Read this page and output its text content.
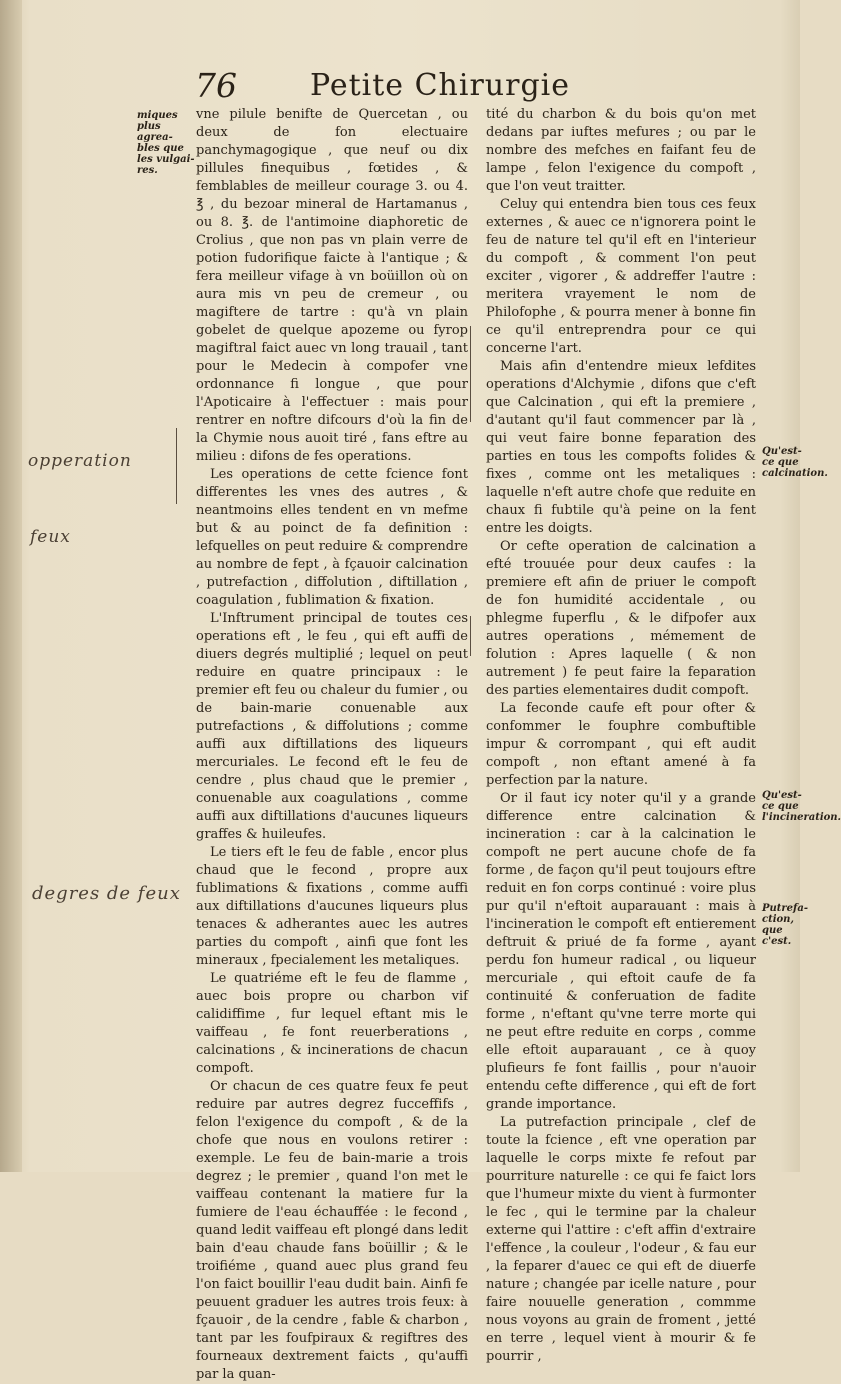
76 Petite Chirurgie
miques plus agrea-bles que les vulgai-res.
opperation
feux
degres de feux

vne pilule benifte de Quercetan , ou deux de fon electuaire panchymagogique , que neuf ou dix pillules finequibus , fœtides , & femblables de meilleur courage 3. ou 4. ℥ , du bezoar mineral de Hartamanus , ou 8. ℥. de l'antimoine diaphoretic de Crolius , que non pas vn plain verre de potion fudorifique faicte à l'antique ; & fera meilleur vifage à vn boüillon où on aura mis vn peu de cremeur , ou magiftere de tartre : qu'à vn plain gobelet de quelque apozeme ou fyrop magiftral faict auec vn long trauail , tant pour le Medecin à compofer vne ordonnance fi longue , que pour l'Apoticaire à l'effectuer : mais pour rentrer en noftre difcours d'où la fin de la Chymie nous auoit tiré , fans eftre au milieu : difons de fes operations.

Les operations de cette fcience font differentes les vnes des autres , & neantmoins elles tendent en vn mefme but & au poinct de fa definition : lefquelles on peut reduire & comprendre au nombre de fept , à fçauoir calcination , putrefaction , diffolution , diftillation , coagulation , fublimation & fixation.

L'Inftrument principal de toutes ces operations eft , le feu , qui eft auffi de diuers degrés multiplié ; lequel on peut reduire en quatre principaux : le premier eft feu ou chaleur du fumier , ou de bain-marie conuenable aux putrefactions , & diffolutions ; comme auffi aux diftillations des liqueurs mercuriales. Le fecond eft le feu de cendre , plus chaud que le premier , conuenable aux coagulations , comme auffi aux diftillations d'aucunes liqueurs graffes & huileufes.

Le tiers eft le feu de fable , encor plus chaud que le fecond , propre aux fublimations & fixations , comme auffi aux diftillations d'aucunes liqueurs plus tenaces & adherantes auec les autres parties du compoft , ainfi que font les mineraux , fpecialement les metaliques.

Le quatriéme eft le feu de flamme , auec bois propre ou charbon vif calidiffime , fur lequel eftant mis le vaiffeau , fe font reuerberations , calcinations , & incinerations de chacun compoft.

Or chacun de ces quatre feux fe peut reduire par autres degrez fucceffifs , felon l'exigence du compoft , & de la chofe que nous en voulons retirer : exemple. Le feu de bain-marie a trois degrez ; le premier , quand l'on met le vaiffeau contenant la matiere fur la fumiere de l'eau échauffée : le fecond , quand ledit vaiffeau eft plongé dans ledit bain d'eau chaude fans boüillir ; & le troifiéme , quand auec plus grand feu l'on faict bouillir l'eau dudit bain. Ainfi fe peuuent graduer les autres trois feux: à fçauoir , de la cendre , fable & charbon , tant par les foufpiraux & regiftres des fourneaux dextrement faicts , qu'auffi par la quan-

tité du charbon & du bois qu'on met dedans par iuftes mefures ; ou par le nombre des mefches en faifant feu de lampe , felon l'exigence du compoft , que l'on veut traitter.

Celuy qui entendra bien tous ces feux externes , & auec ce n'ignorera point le feu de nature tel qu'il eft en l'interieur du compoft , & comment l'on peut exciter , vigorer , & addreffer l'autre : meritera vrayement le nom de Philofophe , & pourra mener à bonne fin ce qu'il entreprendra pour ce qui concerne l'art.

Mais afin d'entendre mieux lefdites operations d'Alchymie , difons que c'eft que Calcination , qui eft la premiere , d'autant qu'il faut commencer par là , qui veut faire bonne feparation des parties en tous les compofts folides & fixes , comme ont les metaliques : laquelle n'eft autre chofe que reduite en chaux fi fubtile qu'à peine on la fent entre les doigts.

Or cefte operation de calcination a efté trouuée pour deux caufes : la premiere eft afin de priuer le compoft de fon humidité accidentale , ou phlegme fuperflu , & le difpofer aux autres operations , mémement de folution : Apres laquelle ( & non autrement ) fe peut faire la feparation des parties elementaires dudit compoft.

La feconde caufe eft pour ofter & confommer le fouphre combuftible impur & corrompant , qui eft audit compoft , non eftant amené à fa perfection par la nature.

Or il faut icy noter qu'il y a grande difference entre calcination & incineration : car à la calcination le compoft ne pert aucune chofe de fa forme , de façon qu'il peut toujours eftre reduit en fon corps continué : voire plus pur qu'il n'eftoit auparauant : mais à l'incineration le compoft eft entierement deftruit & priué de fa forme , ayant perdu fon humeur radical , ou liqueur mercuriale , qui eftoit caufe de fa continuité & conferuation de fadite forme , n'eftant qu'vne terre morte qui ne peut eftre reduite en corps , comme elle eftoit auparauant , ce à quoy plufieurs fe font faillis , pour n'auoir entendu cefte difference , qui eft de fort grande importance.

La putrefaction principale , clef de toute la fcience , eft vne operation par laquelle le corps mixte fe refout par pourriture naturelle : ce qui fe faict lors que l'humeur mixte du vient à furmonter le fec , qui le termine par la chaleur externe qui l'attire : c'eft affin d'extraire l'effence , la couleur , l'odeur , & fau eur , la feparer d'auec ce qui eft de diuerfe nature ; changée par icelle nature , pour faire nouuelle generation , commme nous voyons au grain de froment , jetté en terre , lequel vient à mourir & fe pourrir ,

Qu'est-ce que calcination.
Qu'est-ce que l'incineration.
Putrefa-ction, que c'est.
